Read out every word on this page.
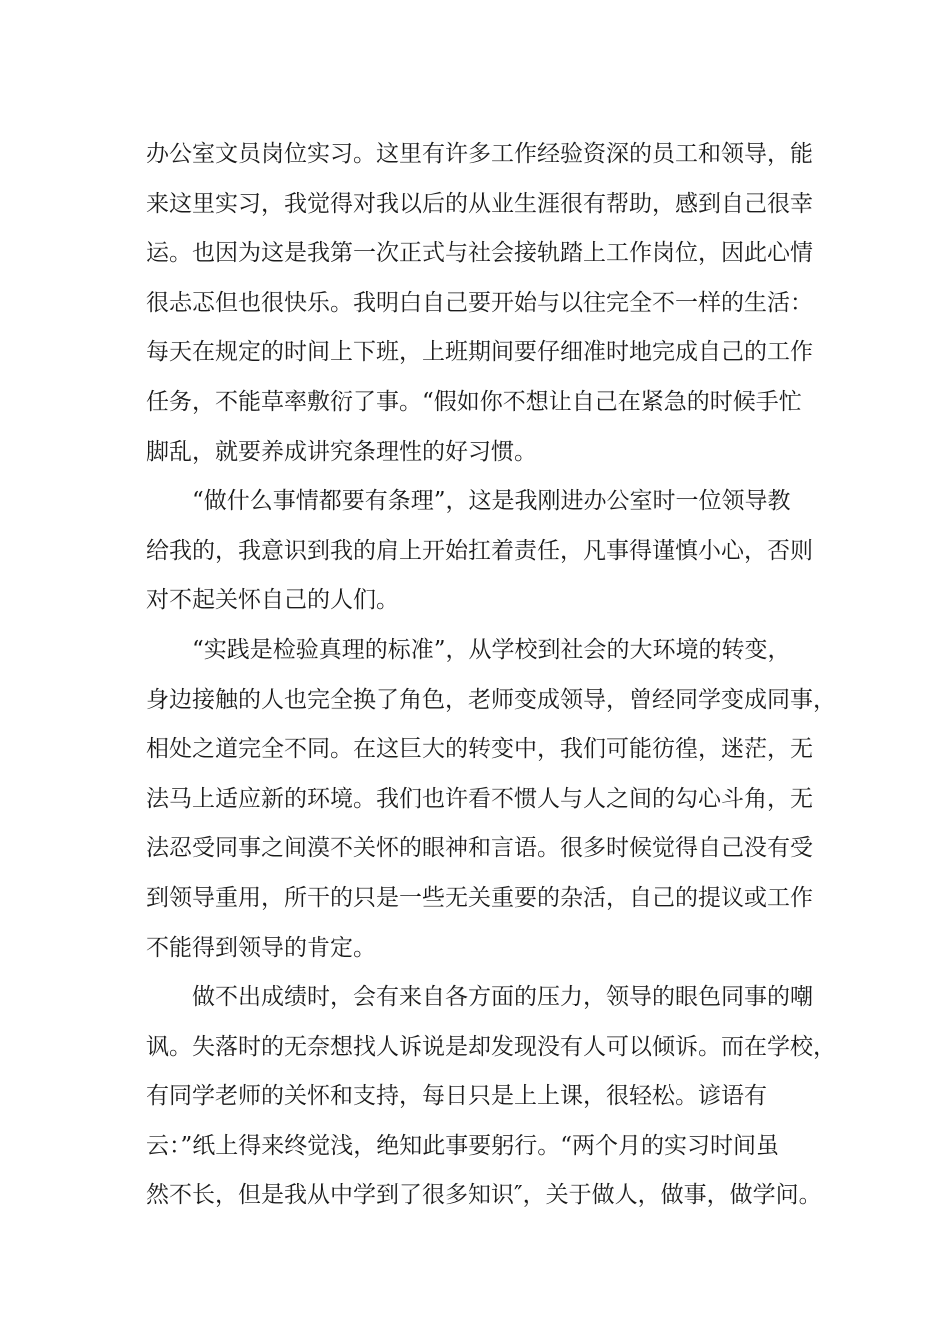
办公室文员岗位实习。这里有许多工作经验资深的员工和领导，能
来这里实习，我觉得对我以后的从业生涯很有帮助，感到自己很幸
运。也因为这是我第一次正式与社会接轨踏上工作岗位，因此心情
很忐忑但也很快乐。我明白自己要开始与以往完全不一样的生活：
每天在规定的时间上下班，上班期间要仔细准时地完成自己的工作
任务，不能草率敷衍了事。“假如你不想让自己在紧急的时候手忙
脚乱，就要养成讲究条理性的好习惯。
“做什么事情都要有条理”，这是我刚进办公室时一位领导教
给我的，我意识到我的肩上开始扛着责任，凡事得谨慎小心，否则
对不起关怀自己的人们。
“实践是检验真理的标准”，从学校到社会的大环境的转变，
身边接触的人也完全换了角色，老师变成领导，曾经同学变成同事，
相处之道完全不同。在这巨大的转变中，我们可能彷徨，迷茫，无
法马上适应新的环境。我们也许看不惯人与人之间的勾心斗角，无
法忍受同事之间漠不关怀的眼神和言语。很多时候觉得自己没有受
到领导重用，所干的只是一些无关重要的杂活，自己的提议或工作
不能得到领导的肯定。
做不出成绩时，会有来自各方面的压力，领导的眼色同事的嘲
讽。失落时的无奈想找人诉说是却发现没有人可以倾诉。而在学校，
有同学老师的关怀和支持，每日只是上上课，很轻松。谚语有
云：”纸上得来终觉浅，绝知此事要躬行。“两个月的实习时间虽
然不长，但是我从中学到了很多知识″，关于做人，做事，做学问。
